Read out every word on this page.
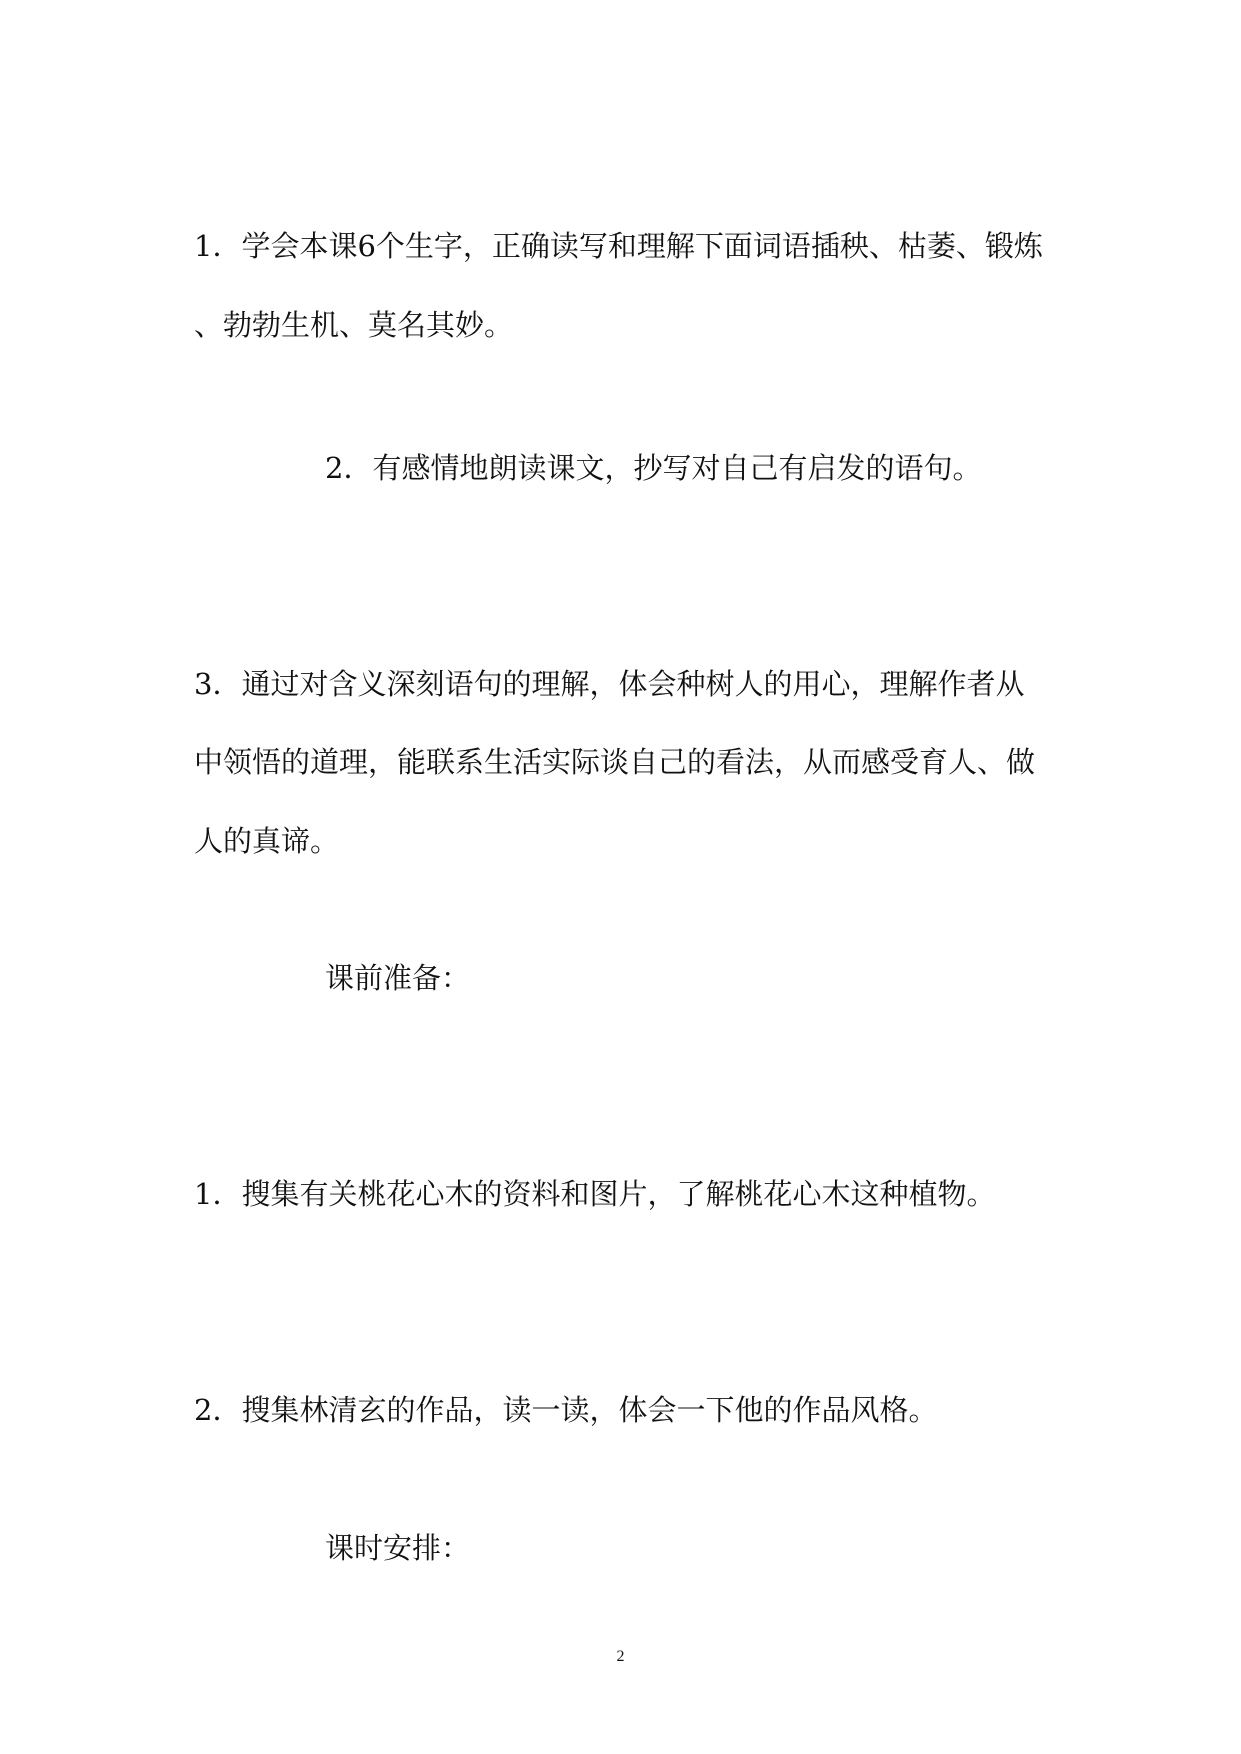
1．学会本课6个生字，正确读写和理解下面词语插秧、枯萎、锻炼

、勃勃生机、莫名其妙。

2．有感情地朗读课文，抄写对自己有启发的语句。

3．通过对含义深刻语句的理解，体会种树人的用心，理解作者从

中领悟的道理，能联系生活实际谈自己的看法，从而感受育人、做

人的真谛。

课前准备：

1．搜集有关桃花心木的资料和图片，了解桃花心木这种植物。

2．搜集林清玄的作品，读一读，体会一下他的作品风格。

课时安排：

2
